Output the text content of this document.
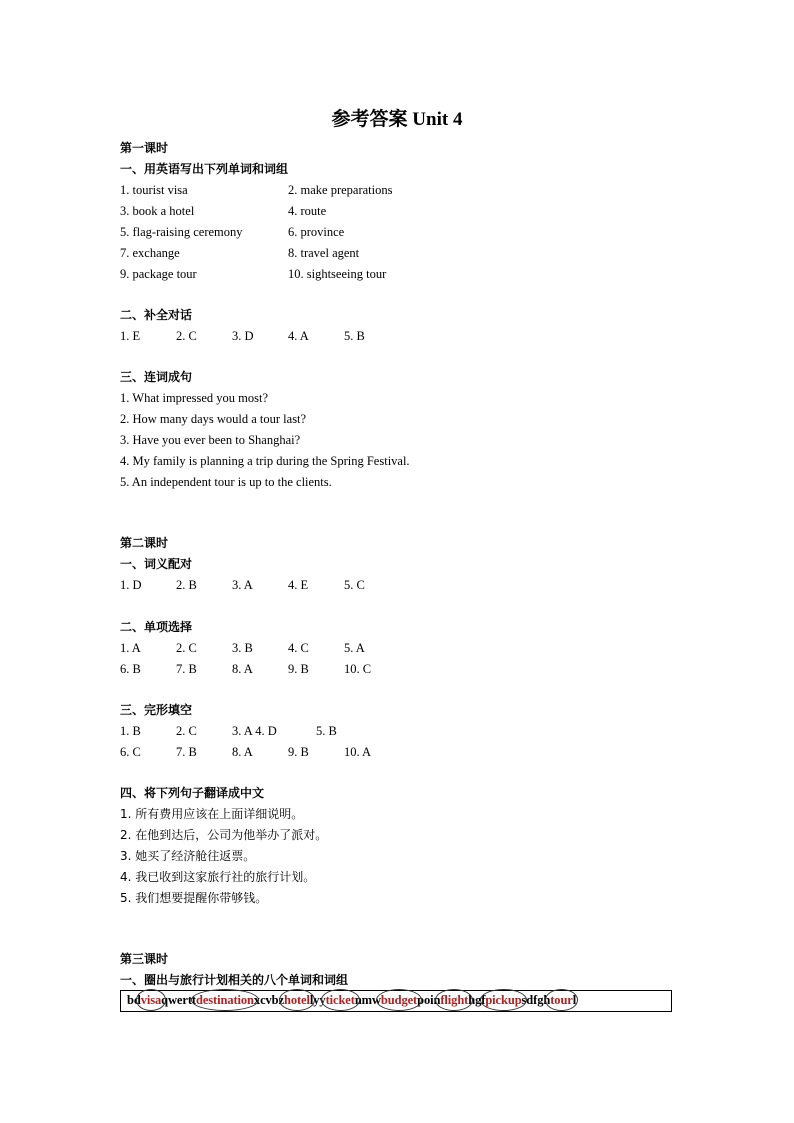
参考答案 Unit 4
第一课时
一、用英语写出下列单词和词组
1. tourist visa	2. make preparations
3. book a hotel	4. route
5. flag-raising ceremony	6. province
7. exchange	8. travel agent
9. package tour	10. sightseeing tour
二、补全对话
1. E	2. C	3. D	4. A	5. B
三、连词成句
1. What impressed you most?
2. How many days would a tour last?
3. Have you ever been to Shanghai?
4. My family is planning a trip during the Spring Festival.
5. An independent tour is up to the clients.
第二课时
一、词义配对
1. D	2. B	3. A	4. E	5. C
二、单项选择
1. A	2. C	3. B	4. C	5. A
6. B	7. B	8. A	9. B	10. C
三、完形填空
1. B	2. C	3. A 4. D	5. B
6. C	7. B	8. A	9. B	10. A
四、将下列句子翻译成中文
1. 所有费用应该在上面详细说明。
2. 在他到达后，公司为他举办了派对。
3. 她买了经济舱往返票。
4. 我已收到这家旅行社的旅行计划。
5. 我们想要提醒你带够钱。
第三课时
一、圈出与旅行计划相关的八个单词和词组
bdvisaqwerttdestinationxcvbzhotellyyticketnmwbudgetpoinflighthgfpickupsdfghtourl
